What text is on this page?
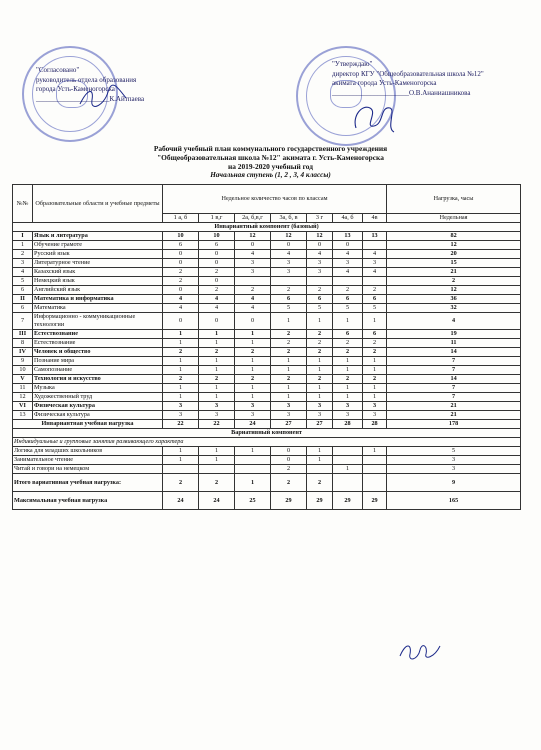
"Согласовано"
руководитель отдела образования
города Усть-Каменогорска
_____________________К.Айтпаева
"Утверждаю"
директор КГУ "Общеобразовательная школа №12"
акимата города Усть-Каменогорска
______________________О.В.Ананиашникова
Рабочий учебный план коммунального государственного учреждения
"Общеобразовательная школа №12" акимата г. Усть-Каменогорска
на 2019-2020 учебный год
Начальная ступень (1, 2 , 3, 4 классы)
№№	Образовательные области и учебные предметы	Недельное количество часов по классам							Нагрузка, часы
		1 а, б	1 в,г	2а, б,в,г	3а, б, в	3 г	4а, б	4в	Недельная
Инвариантный компонент (базовый)									
I	Язык и литература	10	10	12	12	12	13	13	82
1	Обучение грамоте	6	6	0	0	0	0		12
2	Русский язык	0	0	4	4	4	4	4	20
3	Литературное чтение	0	0	3	3	3	3	3	15
4	Казахский язык	2	2	3	3	3	4	4	21
5	Немецкий язык	2	0						2
6	Английский язык	0	2	2	2	2	2	2	12
II	Математика и информатика	4	4	4	6	6	6	6	36
6	Математика	4	4	4	5	5	5	5	32
7	Информационно - коммуникационные технологии	0	0	0	1	1	1	1	4
III	Естествознание	1	1	1	2	2	6	6	19
8	Естествознание	1	1	1	2	2	2	2	11
IV	Человек и общество	2	2	2	2	2	2	2	14
9	Познание мира	1	1	1	1	1	1	1	7
10	Самопознание	1	1	1	1	1	1	1	7
V	Технология и искусство	2	2	2	2	2	2	2	14
11	Музыка	1	1	1	1	1	1	1	7
12	Художественный труд	1	1	1	1	1	1	1	7
VI	Физическая культура	3	3	3	3	3	3	3	21
13	Физическая культура	3	3	3	3	3	3	3	21
Инвариантная учебная нагрузка		22	22	24	27	27	28	28	178
Вариативный компонент									
Индивидуальные и групповые занятия развивающего характера									
Логика для младших школьников		1	1	1	0	1		1	5
Занимательное чтение		1	1		0	1			3
Читай и говори на немецком					2		1		3
Итого вариативная учебная нагрузка:		2	2	1	2	2			9
Максимальная учебная нагрузка		24	24	25	29	29	29	29	165
